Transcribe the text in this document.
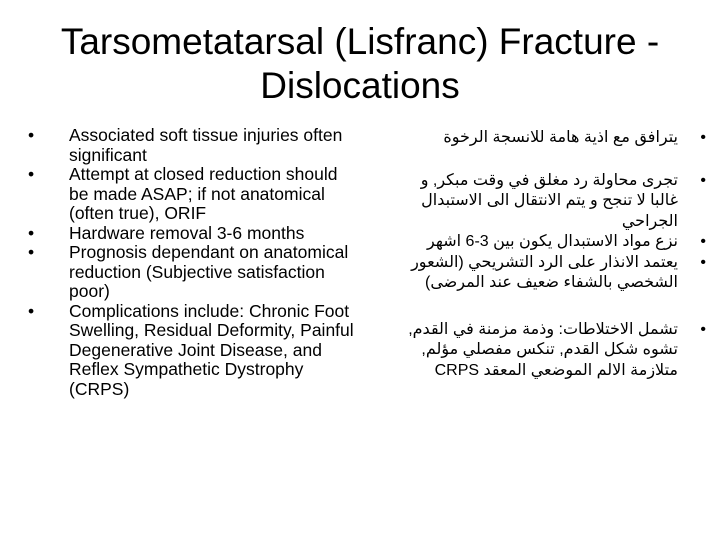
Tarsometatarsal (Lisfranc) Fracture -Dislocations
• Associated soft tissue injuries often significant
• Attempt at closed reduction should be made ASAP; if not anatomical (often true), ORIF
• Hardware removal 3-6 months
• Prognosis dependant on anatomical reduction (Subjective satisfaction poor)
• Complications include: Chronic Foot Swelling, Residual Deformity, Painful Degenerative Joint Disease, and Reflex Sympathetic Dystrophy (CRPS)
• يترافق مع اذية هامة للانسجة الرخوة
• تجرى محاولة رد مغلق في وقت مبكر, و
غالبا لا تنجح و يتم الانتقال الى الاستبدال
الجراحي
• نزع مواد الاستبدال يكون بين 3-6 اشهر
• يعتمد الانذار على الرد التشريحي (الشعور
الشخصي بالشفاء ضعيف عند المرضى)
• تشمل الاختلاطات: وذمة مزمنة في القدم,
تشوه شكل القدم, تنكس مفصلي مؤلم,
متلازمة الالم الموضعي المعقد CRPS
